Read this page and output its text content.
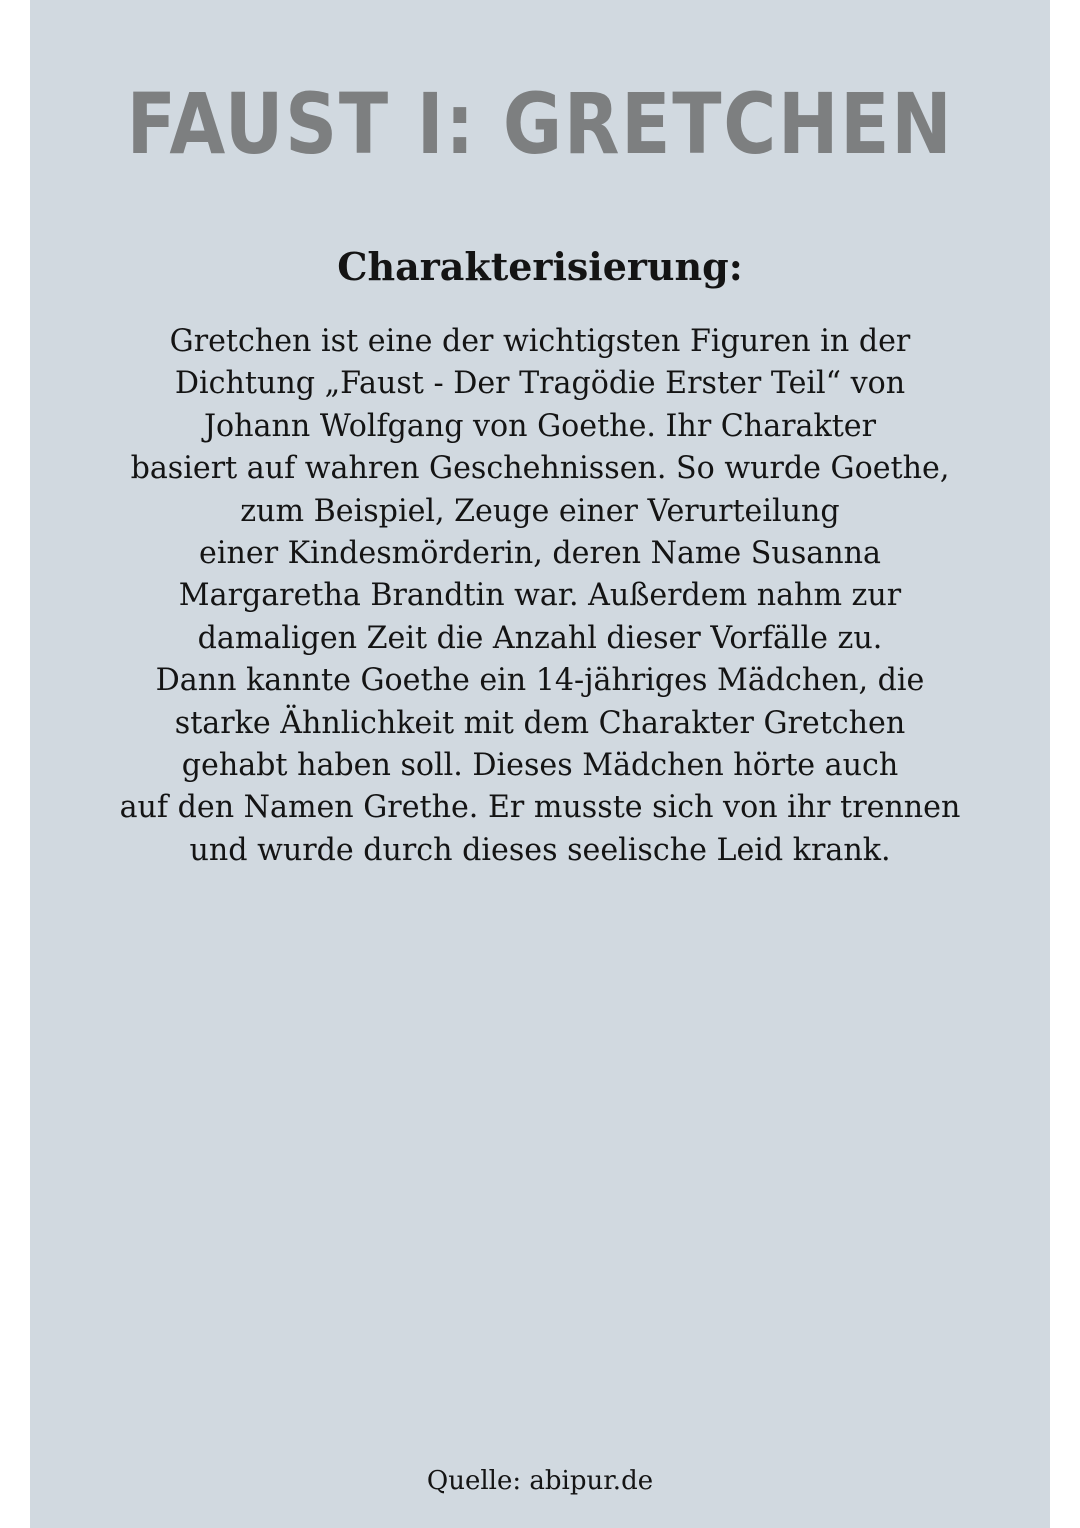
FAUST I: GRETCHEN
Charakterisierung:
Gretchen ist eine der wichtigsten Figuren in der
Dichtung „Faust - Der Tragödie Erster Teil“ von
Johann Wolfgang von Goethe. Ihr Charakter
basiert auf wahren Geschehnissen. So wurde Goethe,
zum Beispiel, Zeuge einer Verurteilung
einer Kindesmörderin, deren Name Susanna
Margaretha Brandtin war. Außerdem nahm zur
damaligen Zeit die Anzahl dieser Vorfälle zu.
Dann kannte Goethe ein 14-jähriges Mädchen, die
starke Ähnlichkeit mit dem Charakter Gretchen
gehabt haben soll. Dieses Mädchen hörte auch
auf den Namen Grethe. Er musste sich von ihr trennen
und wurde durch dieses seelische Leid krank.
Quelle: abipur.de
